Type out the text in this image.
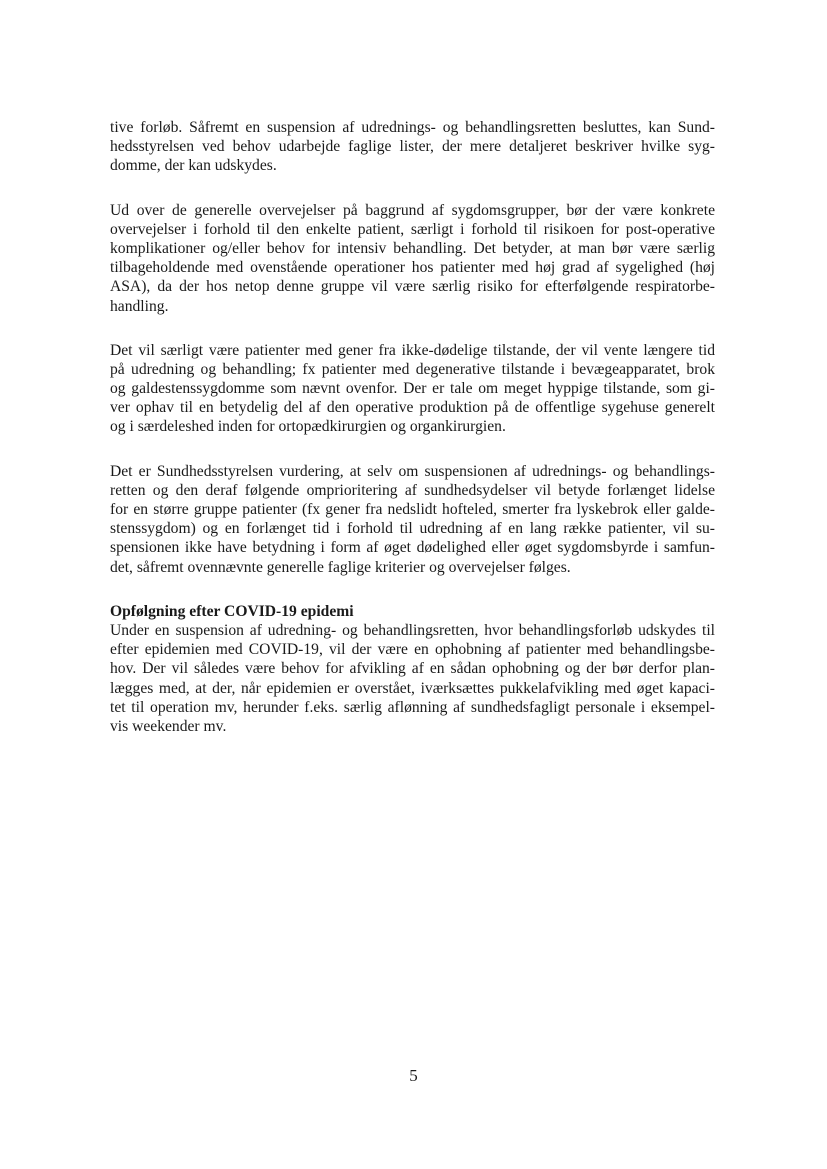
tive forløb. Såfremt en suspension af udrednings- og behandlingsretten besluttes, kan Sund-
hedsstyrelsen ved behov udarbejde faglige lister, der mere detaljeret beskriver hvilke syg-
domme, der kan udskydes.
Ud over de generelle overvejelser på baggrund af sygdomsgrupper, bør der være konkrete
overvejelser i forhold til den enkelte patient, særligt i forhold til risikoen for post-operative
komplikationer og/eller behov for intensiv behandling. Det betyder, at man bør være særlig
tilbageholdende med ovenstående operationer hos patienter med høj grad af sygelighed (høj
ASA), da der hos netop denne gruppe vil være særlig risiko for efterfølgende respiratorbe-
handling.
Det vil særligt være patienter med gener fra ikke-dødelige tilstande, der vil vente længere tid
på udredning og behandling; fx patienter med degenerative tilstande i bevægeapparatet, brok
og galdestenssygdomme som nævnt ovenfor. Der er tale om meget hyppige tilstande, som gi-
ver ophav til en betydelig del af den operative produktion på de offentlige sygehuse generelt
og i særdeleshed inden for ortopædkirurgien og organkirurgien.
Det er Sundhedsstyrelsen vurdering, at selv om suspensionen af udrednings- og behandlings-
retten og den deraf følgende omprioritering af sundhedsydelser vil betyde forlænget lidelse
for en større gruppe patienter (fx gener fra nedslidt hofteled, smerter fra lyskebrok eller galde-
stenssygdom) og en forlænget tid i forhold til udredning af en lang række patienter, vil su-
spensionen ikke have betydning i form af øget dødelighed eller øget sygdomsbyrde i samfun-
det, såfremt ovennævnte generelle faglige kriterier og overvejelser følges.
Opfølgning efter COVID-19 epidemi
Under en suspension af udredning- og behandlingsretten, hvor behandlingsforløb udskydes til
efter epidemien med COVID-19, vil der være en ophobning af patienter med behandlingsbe-
hov. Der vil således være behov for afvikling af en sådan ophobning og der bør derfor plan-
lægges med, at der, når epidemien er overstået, iværksættes pukkelafvikling med øget kapaci-
tet til operation mv, herunder f.eks. særlig aflønning af sundhedsfagligt personale i eksempel-
vis weekender mv.
5
